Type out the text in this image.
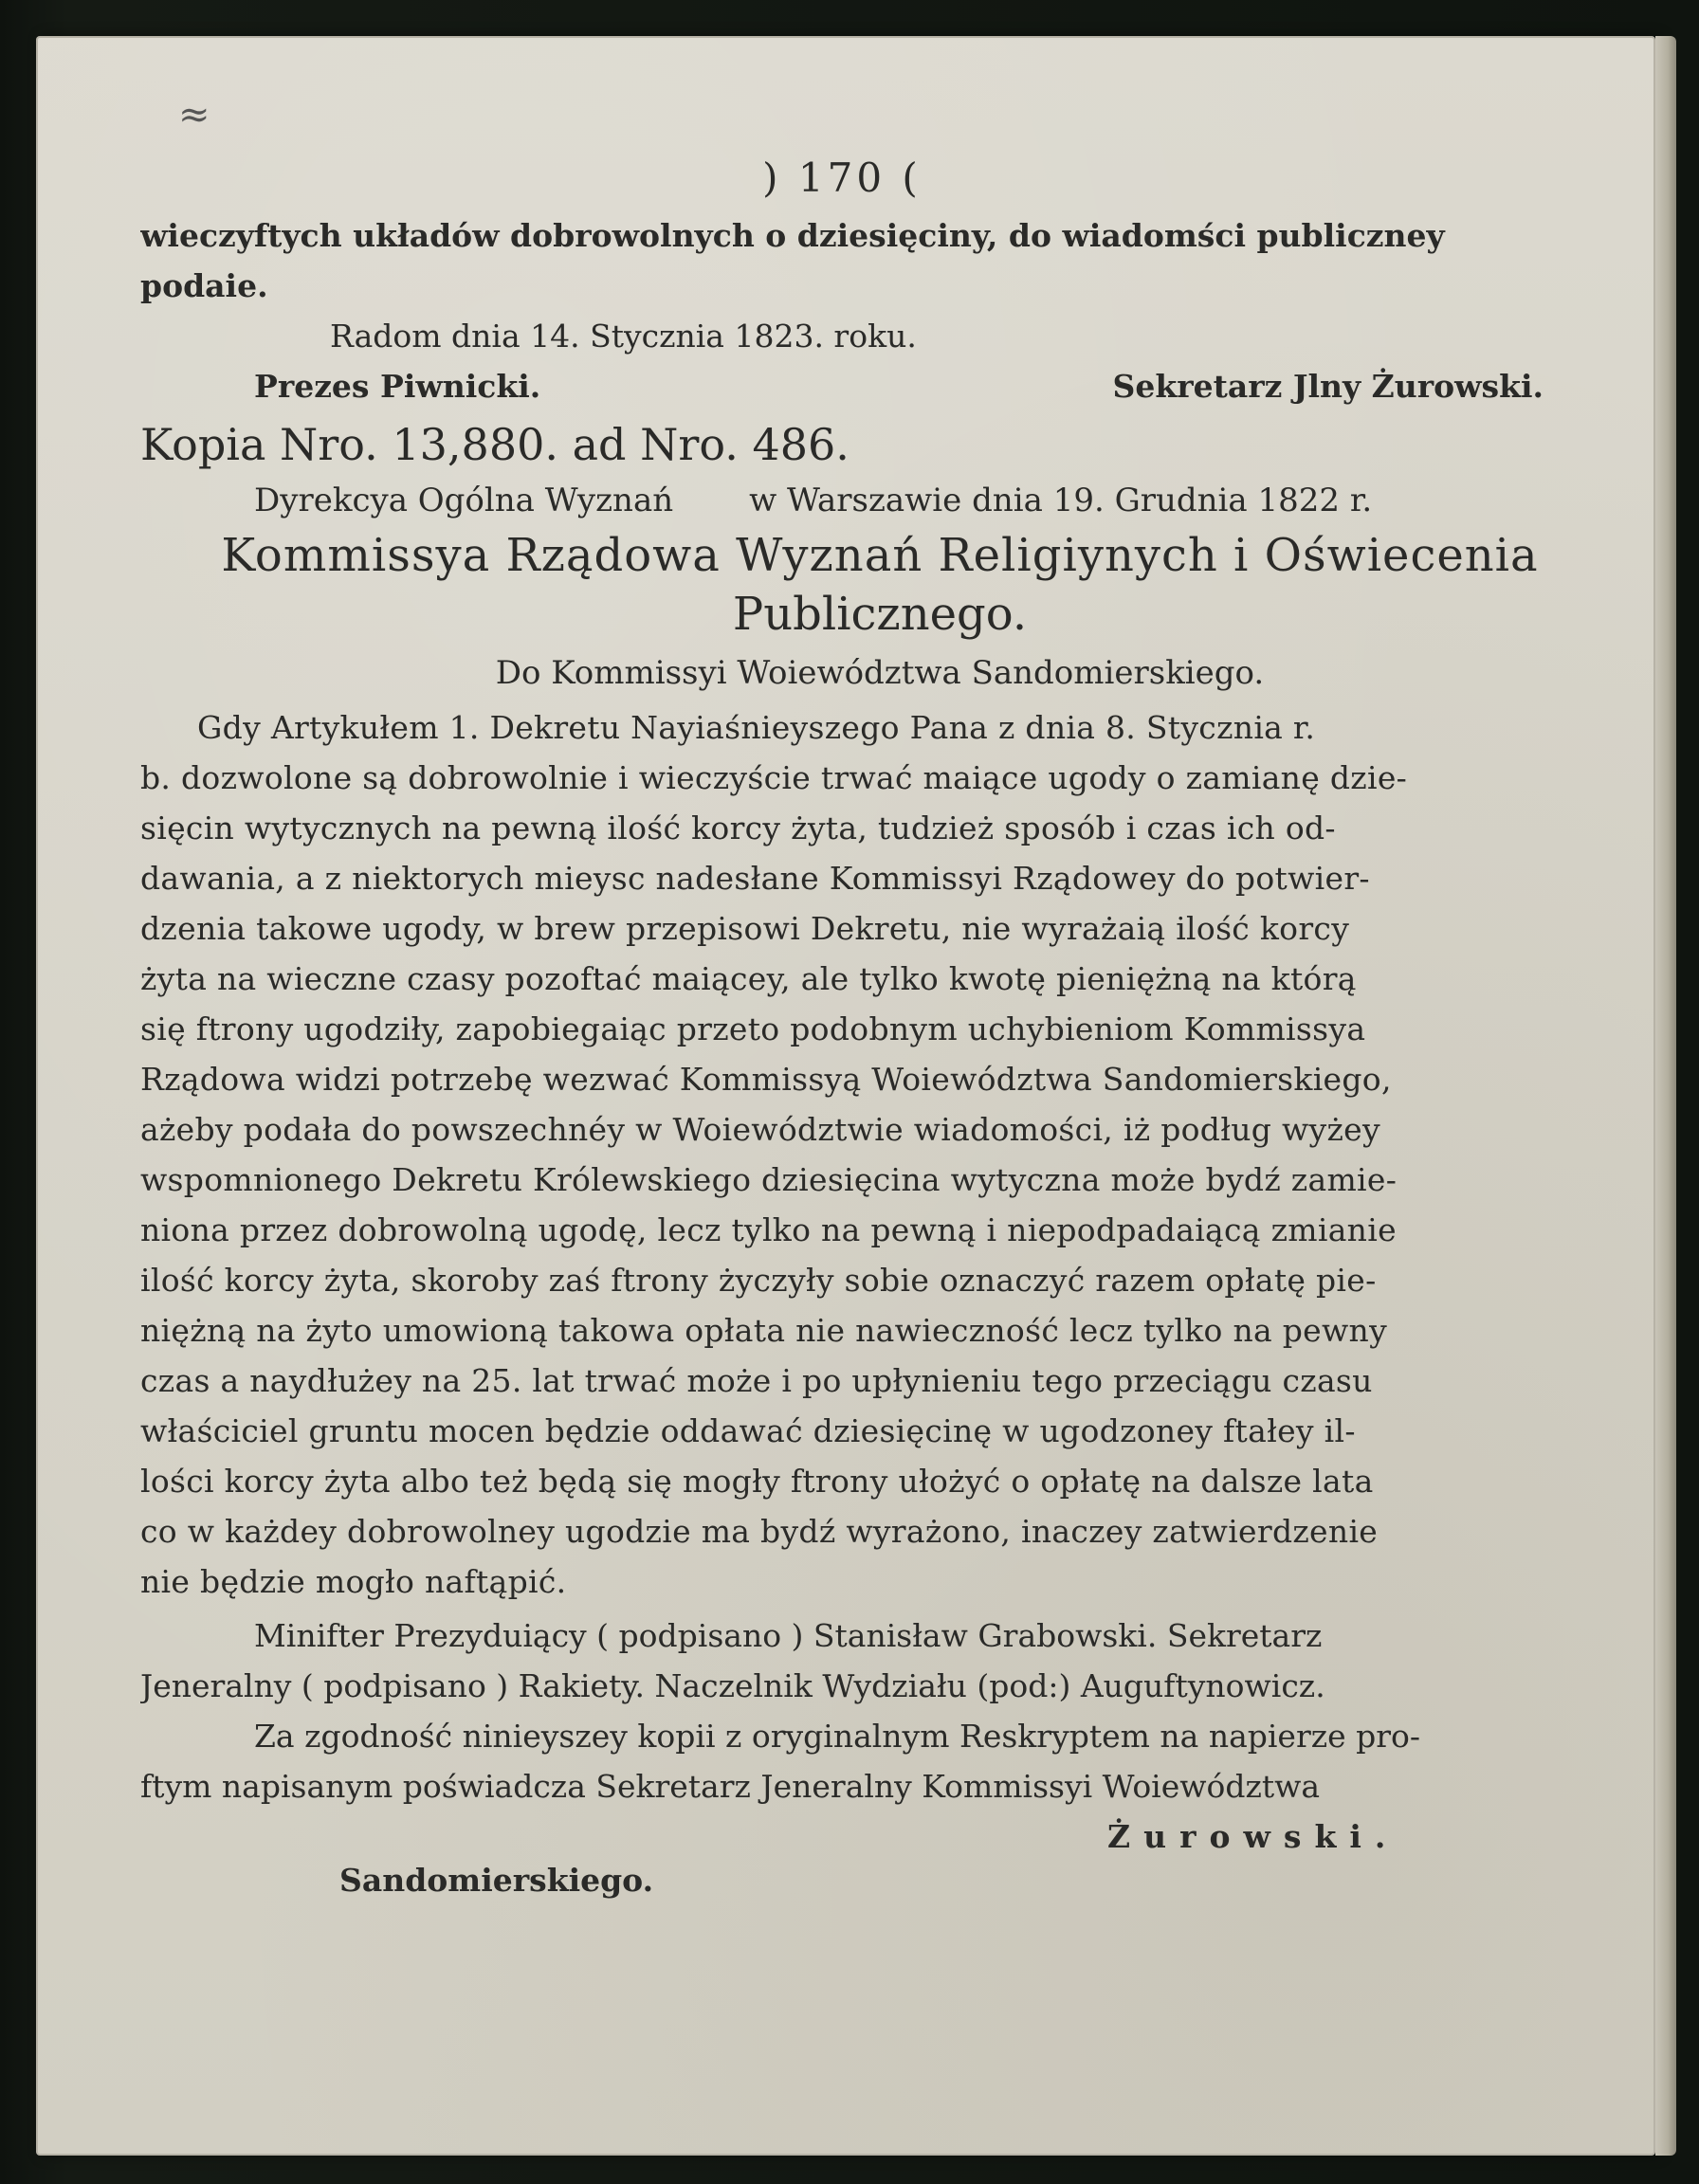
≈
) 170 (
wieczyftych układów dobrowolnych o dziesięciny, do wiadomści publiczney
podaie.
Radom dnia 14. Stycznia 1823. roku.
Prezes Piwnicki.	Sekretarz Jlny Żurowski.
Kopia Nro. 13,880. ad Nro. 486.
Dyrekcya Ogólna Wyznań w Warszawie dnia 19. Grudnia 1822 r.
Kommissya Rządowa Wyznań Religiynych i Oświecenia
Publicznego.
Do Kommissyi Woiewództwa Sandomierskiego.
Gdy Artykułem 1. Dekretu Nayiaśnieyszego Pana z dnia 8. Stycznia r.
b. dozwolone są dobrowolnie i wieczyście trwać maiące ugody o zamianę dzie-
sięcin wytycznych na pewną ilość korcy żyta, tudzież sposób i czas ich od-
dawania, a z niektorych mieysc nadesłane Kommissyi Rządowey do potwier-
dzenia takowe ugody, w brew przepisowi Dekretu, nie wyrażaią ilość korcy
żyta na wieczne czasy pozoftać maiącey, ale tylko kwotę pieniężną na którą
się ftrony ugodziły, zapobiegaiąc przeto podobnym uchybieniom Kommissya
Rządowa widzi potrzebę wezwać Kommissyą Woiewództwa Sandomierskiego,
ażeby podała do powszechnéy w Woiewództwie wiadomości, iż podług wyżey
wspomnionego Dekretu Królewskiego dziesięcina wytyczna może bydź zamie-
niona przez dobrowolną ugodę, lecz tylko na pewną i niepodpadaiącą zmianie
ilość korcy żyta, skoroby zaś ftrony życzyły sobie oznaczyć razem opłatę pie-
niężną na żyto umowioną takowa opłata nie nawieczność lecz tylko na pewny
czas a naydłużey na 25. lat trwać może i po upłynieniu tego przeciągu czasu
właściciel gruntu mocen będzie oddawać dziesięcinę w ugodzoney ftałey il-
lości korcy żyta albo też będą się mogły ftrony ułożyć o opłatę na dalsze lata
co w każdey dobrowolney ugodzie ma bydź wyrażono, inaczey zatwierdzenie
nie będzie mogło naftąpić.
Minifter Prezyduiący ( podpisano ) Stanisław Grabowski. Sekretarz
Jeneralny ( podpisano ) Rakiety. Naczelnik Wydziału (pod:) Auguftynowicz.
Za zgodność ninieyszey kopii z oryginalnym Reskryptem na napierze pro-
ftym napisanym poświadcza Sekretarz Jeneralny Kommissyi Woiewództwa
Żurowski.
Sandomierskiego.
